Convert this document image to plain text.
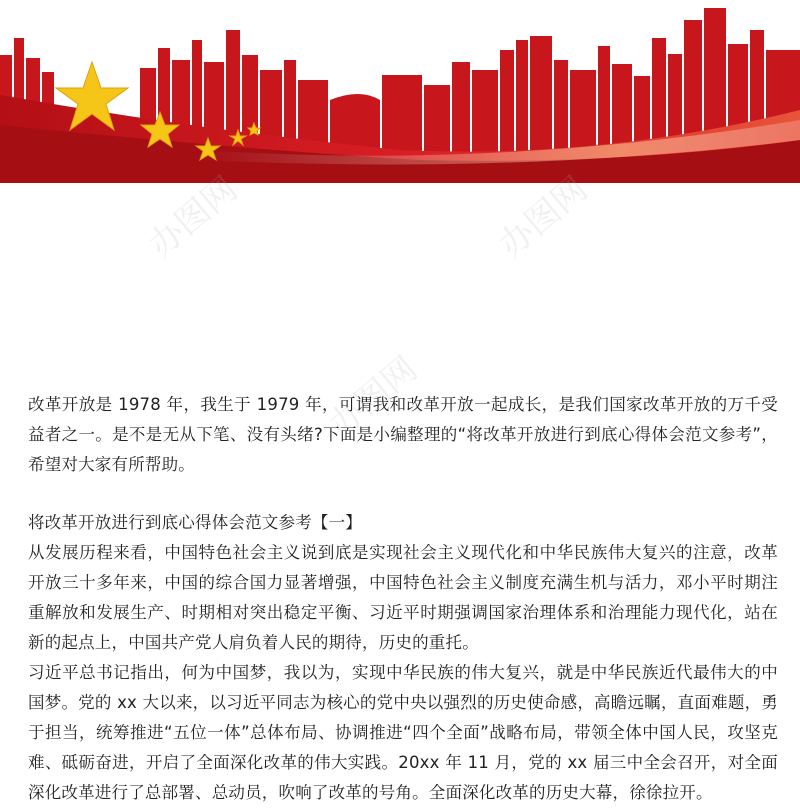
办图网	办图网
办图网

改革开放是 1978 年，我生于 1979 年，可谓我和改革开放一起成长，是我们国家改革开放的万千受益者之一。是不是无从下笔、没有头绪?下面是小编整理的“将改革开放进行到底心得体会范文参考”，希望对大家有所帮助。

将改革开放进行到底心得体会范文参考【一】

从发展历程来看，中国特色社会主义说到底是实现社会主义现代化和中华民族伟大复兴的注意，改革开放三十多年来，中国的综合国力显著增强，中国特色社会主义制度充满生机与活力，邓小平时期注重解放和发展生产、时期相对突出稳定平衡、习近平时期强调国家治理体系和治理能力现代化，站在新的起点上，中国共产党人肩负着人民的期待，历史的重托。

习近平总书记指出，何为中国梦，我以为，实现中华民族的伟大复兴，就是中华民族近代最伟大的中国梦。党的 xx 大以来，以习近平同志为核心的党中央以强烈的历史使命感，高瞻远瞩，直面难题，勇于担当，统筹推进“五位一体”总体布局、协调推进“四个全面”战略布局，带领全体中国人民，攻坚克难、砥砺奋进，开启了全面深化改革的伟大实践。20xx 年 11 月，党的 xx 届三中全会召开，对全面深化改革进行了总部署、总动员，吹响了改革的号角。全面深化改革的历史大幕，徐徐拉开。
